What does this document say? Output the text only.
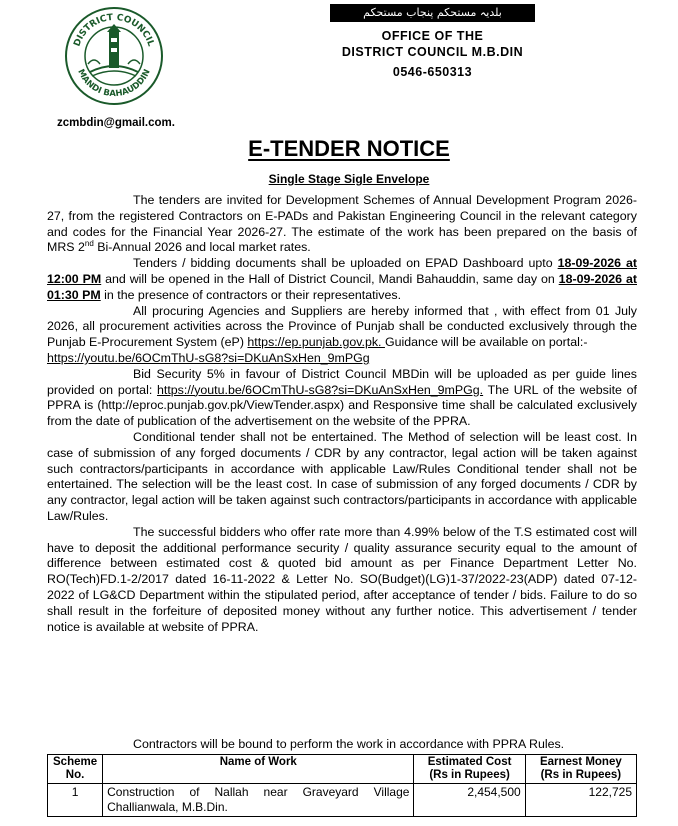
DISTRICT COUNCIL
MANDI BAHAUDDIN
zcmbdin@gmail.com.
بلدیہ مستحکم پنجاب مستحکم
OFFICE OF THE
DISTRICT COUNCIL M.B.DIN
0546-650313
E-TENDER NOTICE
Single Stage Sigle Envelope

The tenders are invited for Development Schemes of Annual Development Program 2026-27, from the registered Contractors on E-PADs and Pakistan Engineering Council in the relevant category and codes for the Financial Year 2026-27. The estimate of the work has been prepared on the basis of MRS 2nd Bi-Annual 2026 and local market rates.

Tenders / bidding documents shall be uploaded on EPAD Dashboard upto 18-09-2026 at 12:00 PM and will be opened in the Hall of District Council, Mandi Bahauddin, same day on 18-09-2026 at 01:30 PM in the presence of contractors or their representatives.

All procuring Agencies and Suppliers are hereby informed that , with effect from 01 July 2026, all procurement activities across the Province of Punjab shall be conducted exclusively through the Punjab E-Procurement System (eP) https://ep.punjab.gov.pk. Guidance will be available on portal:-
https://youtu.be/6OCmThU-sG8?si=DKuAnSxHen_9mPGg

Bid Security 5% in favour of District Council MBDin will be uploaded as per guide lines provided on portal: https://youtu.be/6OCmThU-sG8?si=DKuAnSxHen_9mPGg. The URL of the website of PPRA is (http://eproc.punjab.gov.pk/ViewTender.aspx) and Responsive time shall be calculated exclusively from the date of publication of the advertisement on the website of the PPRA.

Conditional tender shall not be entertained. The Method of selection will be least cost. In case of submission of any forged documents / CDR by any contractor, legal action will be taken against such contractors/participants in accordance with applicable Law/Rules Conditional tender shall not be entertained. The selection will be the least cost. In case of submission of any forged documents / CDR by any contractor, legal action will be taken against such contractors/participants in accordance with applicable Law/Rules.

The successful bidders who offer rate more than 4.99% below of the T.S estimated cost will have to deposit the additional performance security / quality assurance security equal to the amount of difference between estimated cost & quoted bid amount as per Finance Department Letter No. RO(Tech)FD.1-2/2017 dated 16-11-2022 & Letter No. SO(Budget)(LG)1-37/2022-23(ADP) dated 07-12-2022 of LG&CD Department within the stipulated period, after acceptance of tender / bids. Failure to do so shall result in the forfeiture of deposited money without any further notice. This advertisement / tender notice is available at website of PPRA.

Contractors will be bound to perform the work in accordance with PPRA Rules.
Scheme No.	Name of Work	Estimated Cost (Rs in Rupees)	Earnest Money (Rs in Rupees)
1	Construction of Nallah near Graveyard Village Challianwala, M.B.Din.	2,454,500	122,725
